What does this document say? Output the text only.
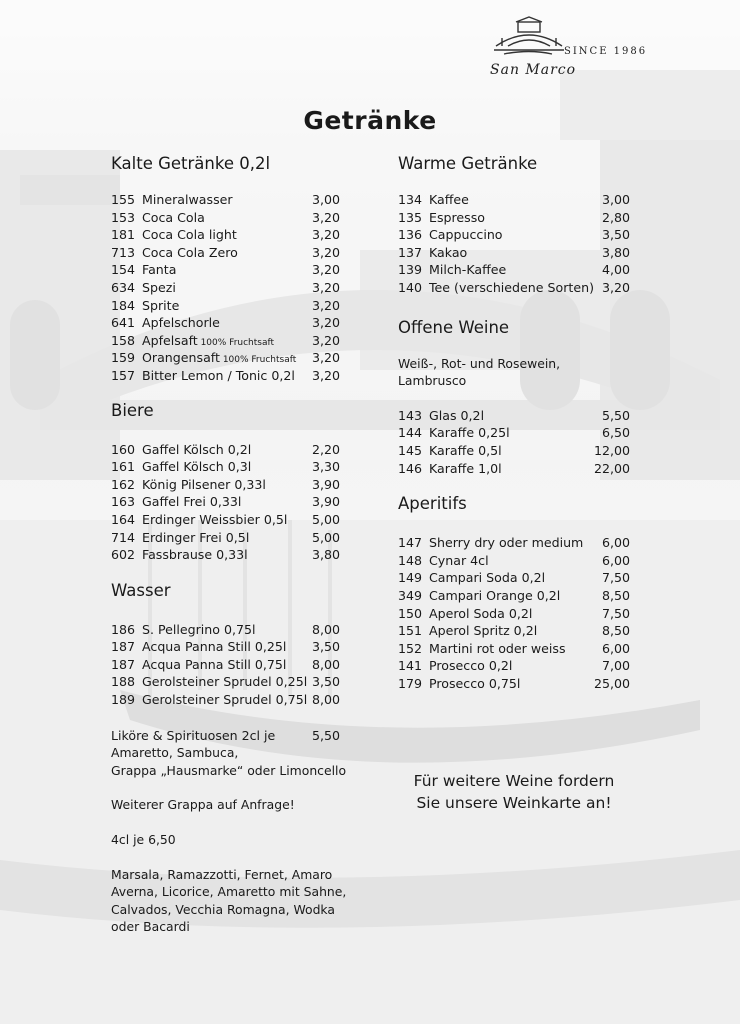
SINCE 1986
San Marco
Getränke
Kalte Getränke 0,2l
155 Mineralwasser	3,00
153 Coca Cola	3,20
181 Coca Cola light	3,20
713 Coca Cola Zero	3,20
154 Fanta	3,20
634 Spezi	3,20
184 Sprite	3,20
641 Apfelschorle	3,20
158 Apfelsaft 100% Fruchtsaft	3,20
159 Orangensaft 100% Fruchtsaft 3,20
157 Bitter Lemon / Tonic 0,2l 3,20
Biere
160 Gaffel Kölsch 0,2l	2,20
161 Gaffel Kölsch 0,3l	3,30
162 König Pilsener 0,33l	3,90
163 Gaffel Frei 0,33l	3,90
164 Erdinger Weissbier 0,5l 5,00
714 Erdinger Frei 0,5l	5,00
602 Fassbrause 0,33l	3,80
Wasser
186 S. Pellegrino 0,75l	8,00
187 Acqua Panna Still 0,25l 3,50
187 Acqua Panna Still 0,75l 8,00
188 Gerolsteiner Sprudel 0,25l 3,50
189 Gerolsteiner Sprudel 0,75l 8,00
Liköre & Spirituosen 2cl je	5,50

Amaretto, Sambuca,

Grappa „Hausmarke“ oder Limoncello

Weiterer Grappa auf Anfrage!

4cl je 6,50

Marsala, Ramazzotti, Fernet, Amaro

Averna, Licorice, Amaretto mit Sahne,

Calvados, Vecchia Romagna, Wodka

oder Bacardi

Warme Getränke
134 Kaffee	3,00
135 Espresso	2,80
136 Cappuccino	3,50
137 Kakao	3,80
139 Milch-Kaffee	4,00
140 Tee (verschiedene Sorten) 3,20
Offene Weine

Weiß-, Rot- und Rosewein,

Lambrusco

143 Glas 0,2l	5,50
144 Karaffe 0,25l	6,50
145 Karaffe 0,5l	12,00
146 Karaffe 1,0l	22,00
Aperitifs
147 Sherry dry oder medium 6,00
148 Cynar 4cl	6,00
149 Campari Soda 0,2l	7,50
349 Campari Orange 0,2l	8,50
150 Aperol Soda 0,2l	7,50
151 Aperol Spritz 0,2l	8,50
152 Martini rot oder weiss	6,00
141 Prosecco 0,2l	7,00
179 Prosecco 0,75l	25,00
Für weitere Weine fordern
Sie unsere Weinkarte an!
